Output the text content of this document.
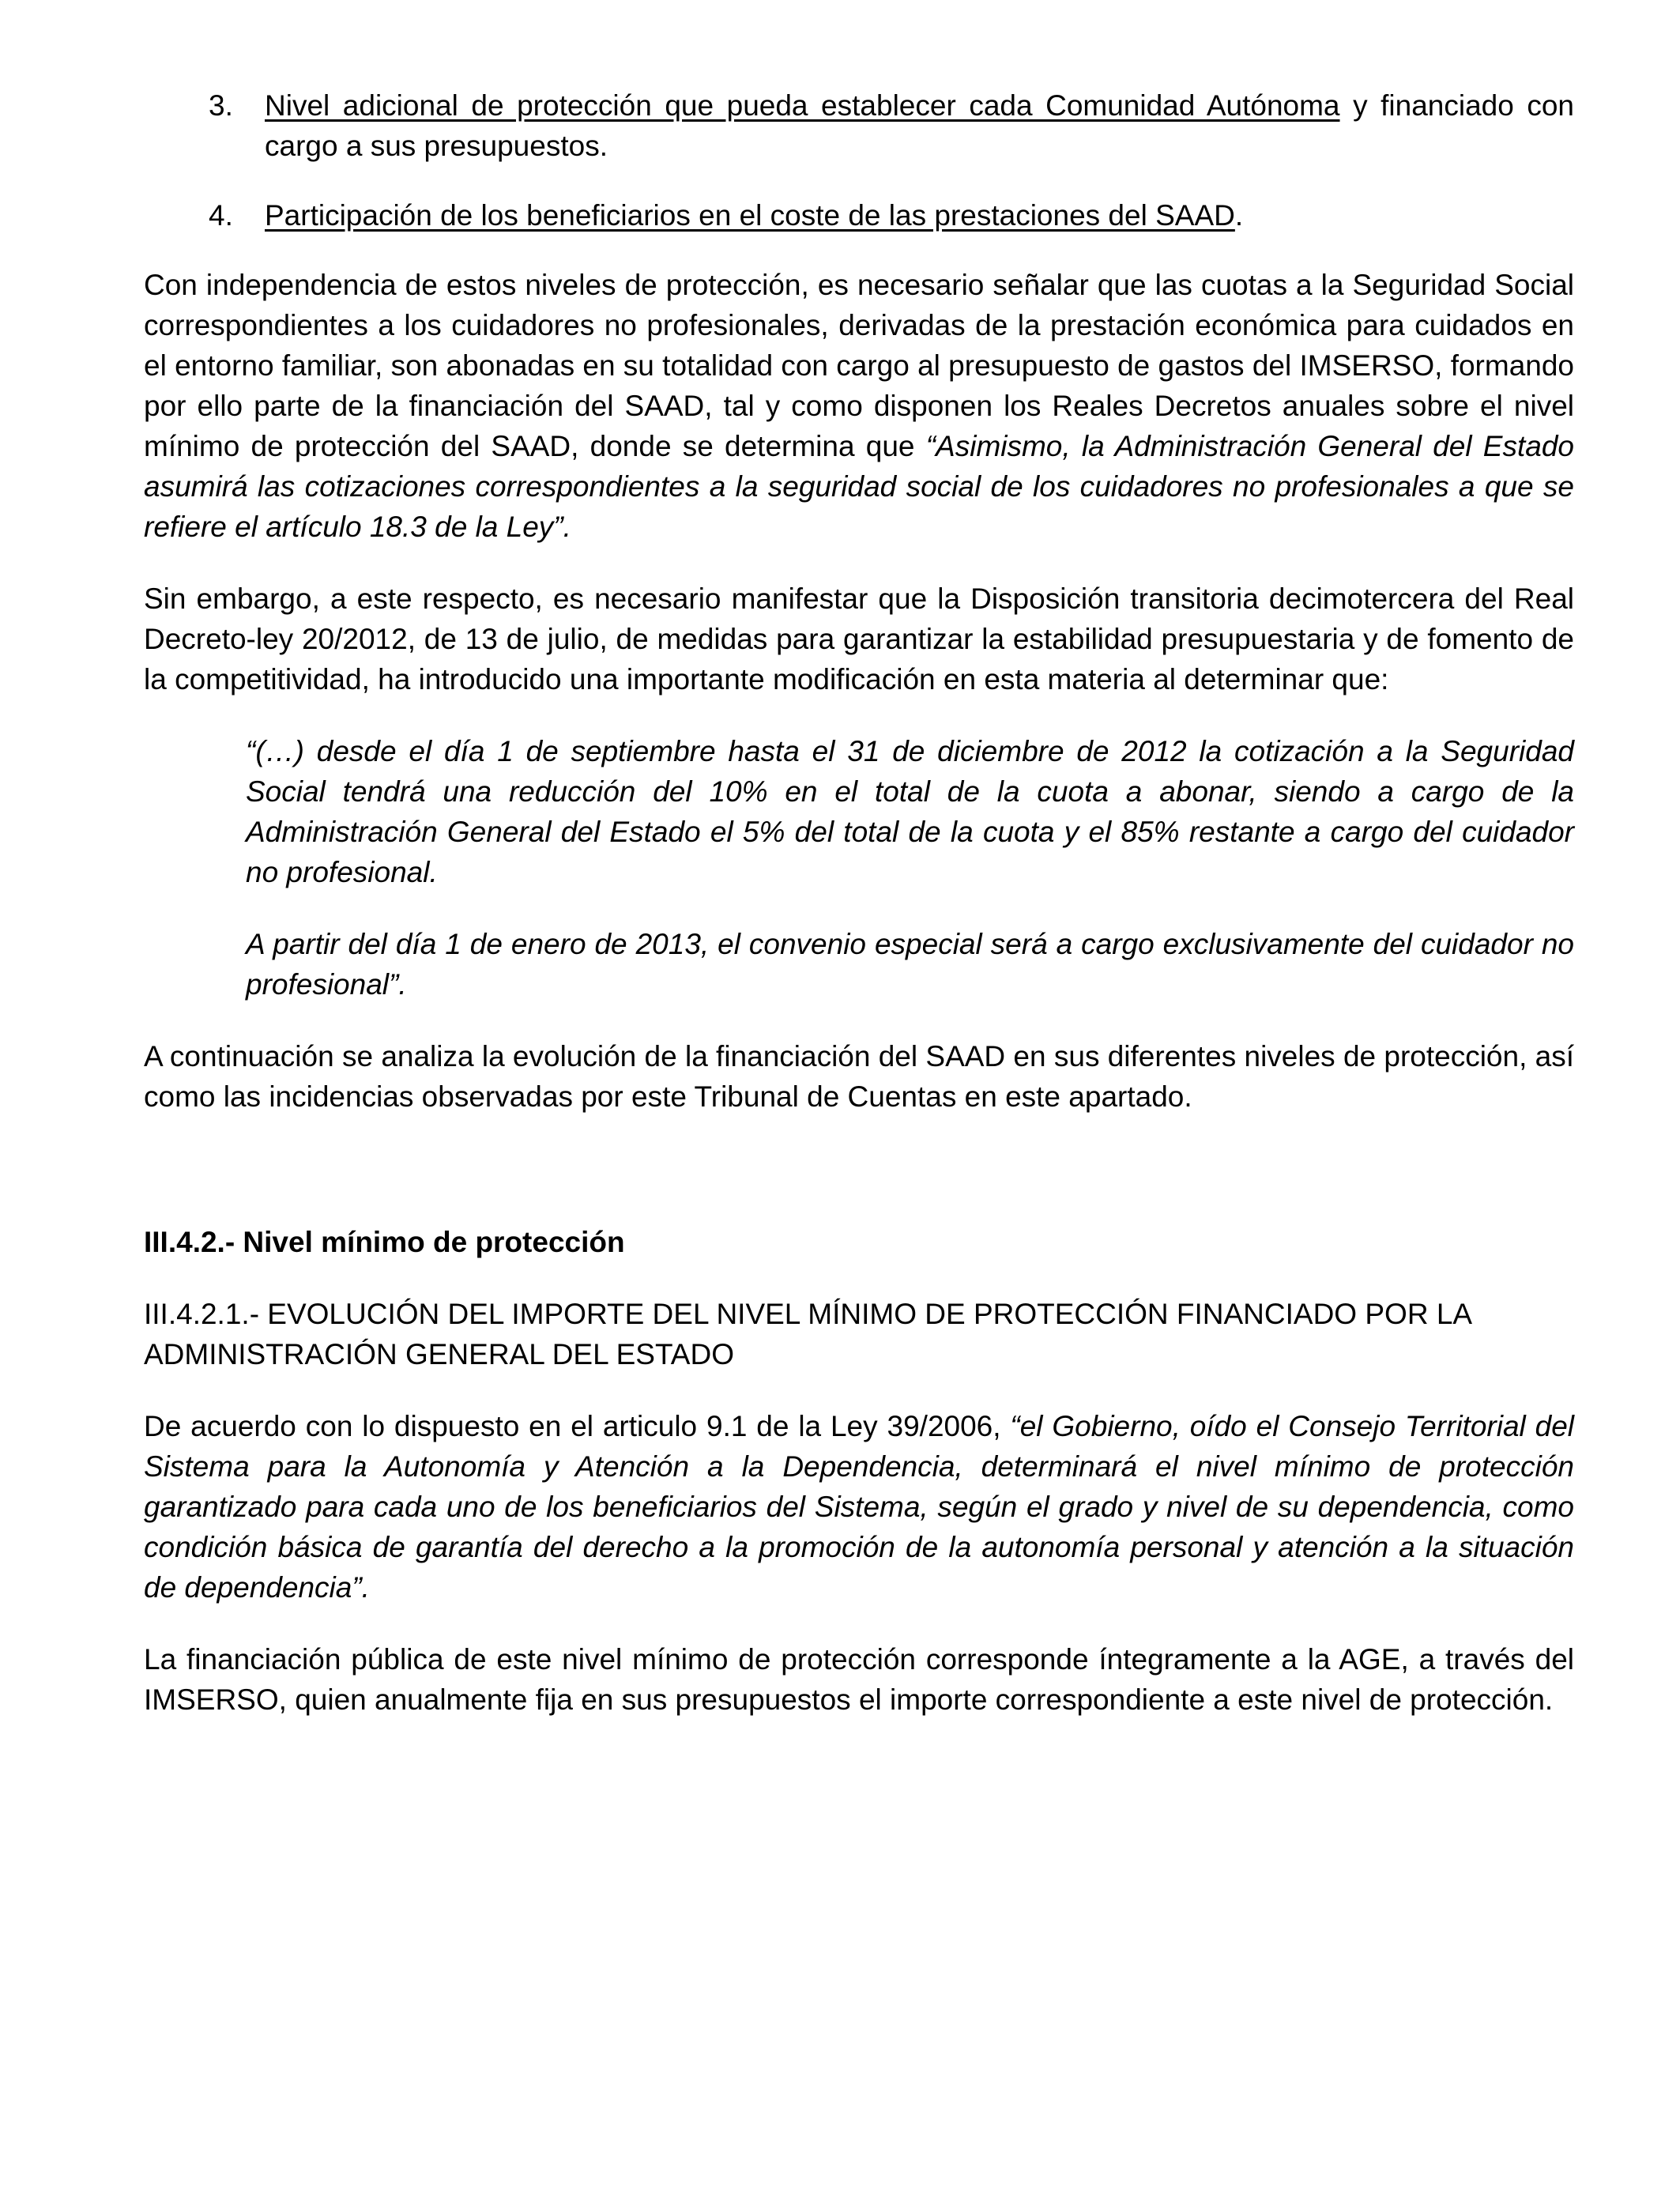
3. Nivel adicional de protección que pueda establecer cada Comunidad Autónoma y financiado con cargo a sus presupuestos.
4. Participación de los beneficiarios en el coste de las prestaciones del SAAD.

Con independencia de estos niveles de protección, es necesario señalar que las cuotas a la Seguridad Social correspondientes a los cuidadores no profesionales, derivadas de la prestación económica para cuidados en el entorno familiar, son abonadas en su totalidad con cargo al presupuesto de gastos del IMSERSO, formando por ello parte de la financiación del SAAD, tal y como disponen los Reales Decretos anuales sobre el nivel mínimo de protección del SAAD, donde se determina que “Asimismo, la Administración General del Estado asumirá las cotizaciones correspondientes a la seguridad social de los cuidadores no profesionales a que se refiere el artículo 18.3 de la Ley”.

Sin embargo, a este respecto, es necesario manifestar que la Disposición transitoria decimotercera del Real Decreto-ley 20/2012, de 13 de julio, de medidas para garantizar la estabilidad presupuestaria y de fomento de la competitividad, ha introducido una importante modificación en esta materia al determinar que:

“(…) desde el día 1 de septiembre hasta el 31 de diciembre de 2012 la cotización a la Seguridad Social tendrá una reducción del 10% en el total de la cuota a abonar, siendo a cargo de la Administración General del Estado el 5% del total de la cuota y el 85% restante a cargo del cuidador no profesional.

A partir del día 1 de enero de 2013, el convenio especial será a cargo exclusivamente del cuidador no profesional”.

A continuación se analiza la evolución de la financiación del SAAD en sus diferentes niveles de protección, así como las incidencias observadas por este Tribunal de Cuentas en este apartado.

III.4.2.- Nivel mínimo de protección

III.4.2.1.- EVOLUCIÓN DEL IMPORTE DEL NIVEL MÍNIMO DE PROTECCIÓN FINANCIADO POR LA ADMINISTRACIÓN GENERAL DEL ESTADO

De acuerdo con lo dispuesto en el articulo 9.1 de la Ley 39/2006, “el Gobierno, oído el Consejo Territorial del Sistema para la Autonomía y Atención a la Dependencia, determinará el nivel mínimo de protección garantizado para cada uno de los beneficiarios del Sistema, según el grado y nivel de su dependencia, como condición básica de garantía del derecho a la promoción de la autonomía personal y atención a la situación de dependencia”.

La financiación pública de este nivel mínimo de protección corresponde íntegramente a la AGE, a través del IMSERSO, quien anualmente fija en sus presupuestos el importe correspondiente a este nivel de protección.
